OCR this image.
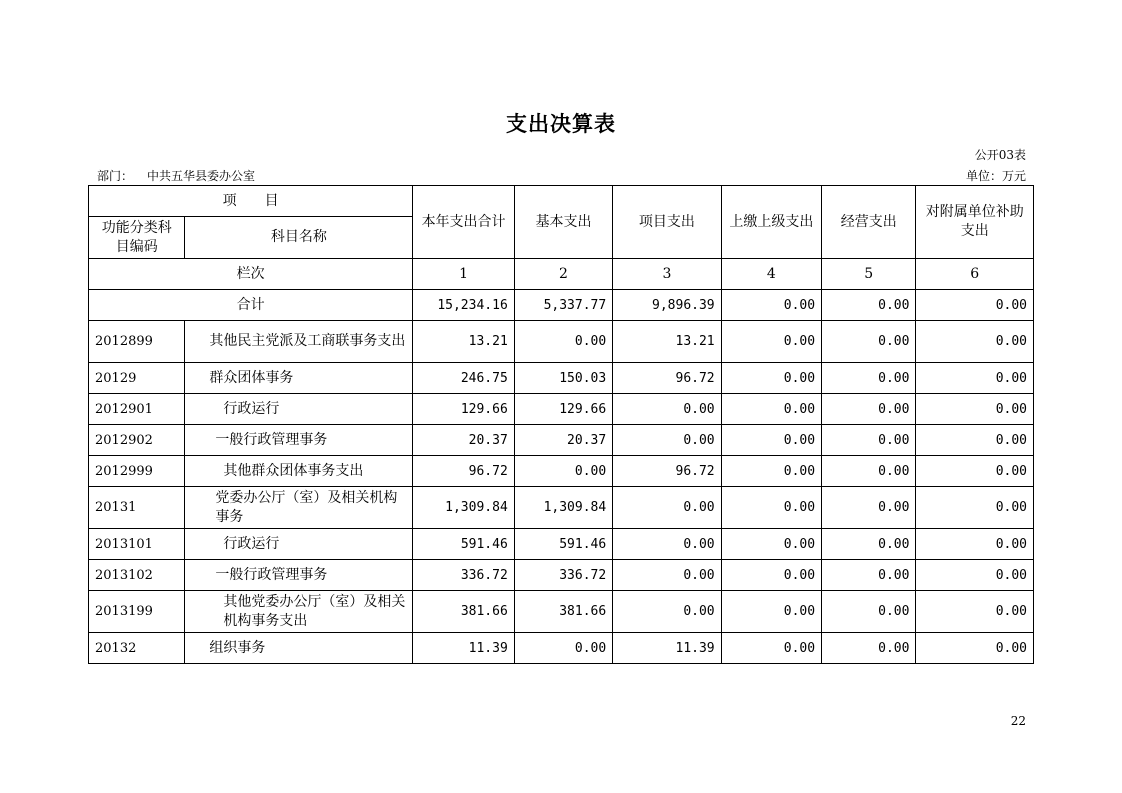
支出决算表
公开03表
部门： 中共五华县委办公室	单位：万元
项　　目		本年支出合计	基本支出	项目支出	上缴上级支出	经营支出	对附属单位补助支出
功能分类科目编码	科目名称						
栏次		1	2	3	4	5	6
合计		15,234.16	5,337.77	9,896.39	0.00	0.00	0.00
2012899	其他民主党派及工商联事务支出	13.21	0.00	13.21	0.00	0.00	0.00
20129	群众团体事务	246.75	150.03	96.72	0.00	0.00	0.00
2012901	行政运行	129.66	129.66	0.00	0.00	0.00	0.00
2012902	一般行政管理事务	20.37	20.37	0.00	0.00	0.00	0.00
2012999	其他群众团体事务支出	96.72	0.00	96.72	0.00	0.00	0.00
20131	党委办公厅（室）及相关机构事务	1,309.84	1,309.84	0.00	0.00	0.00	0.00
2013101	行政运行	591.46	591.46	0.00	0.00	0.00	0.00
2013102	一般行政管理事务	336.72	336.72	0.00	0.00	0.00	0.00
2013199	其他党委办公厅（室）及相关机构事务支出	381.66	381.66	0.00	0.00	0.00	0.00
20132	组织事务	11.39	0.00	11.39	0.00	0.00	0.00
22
